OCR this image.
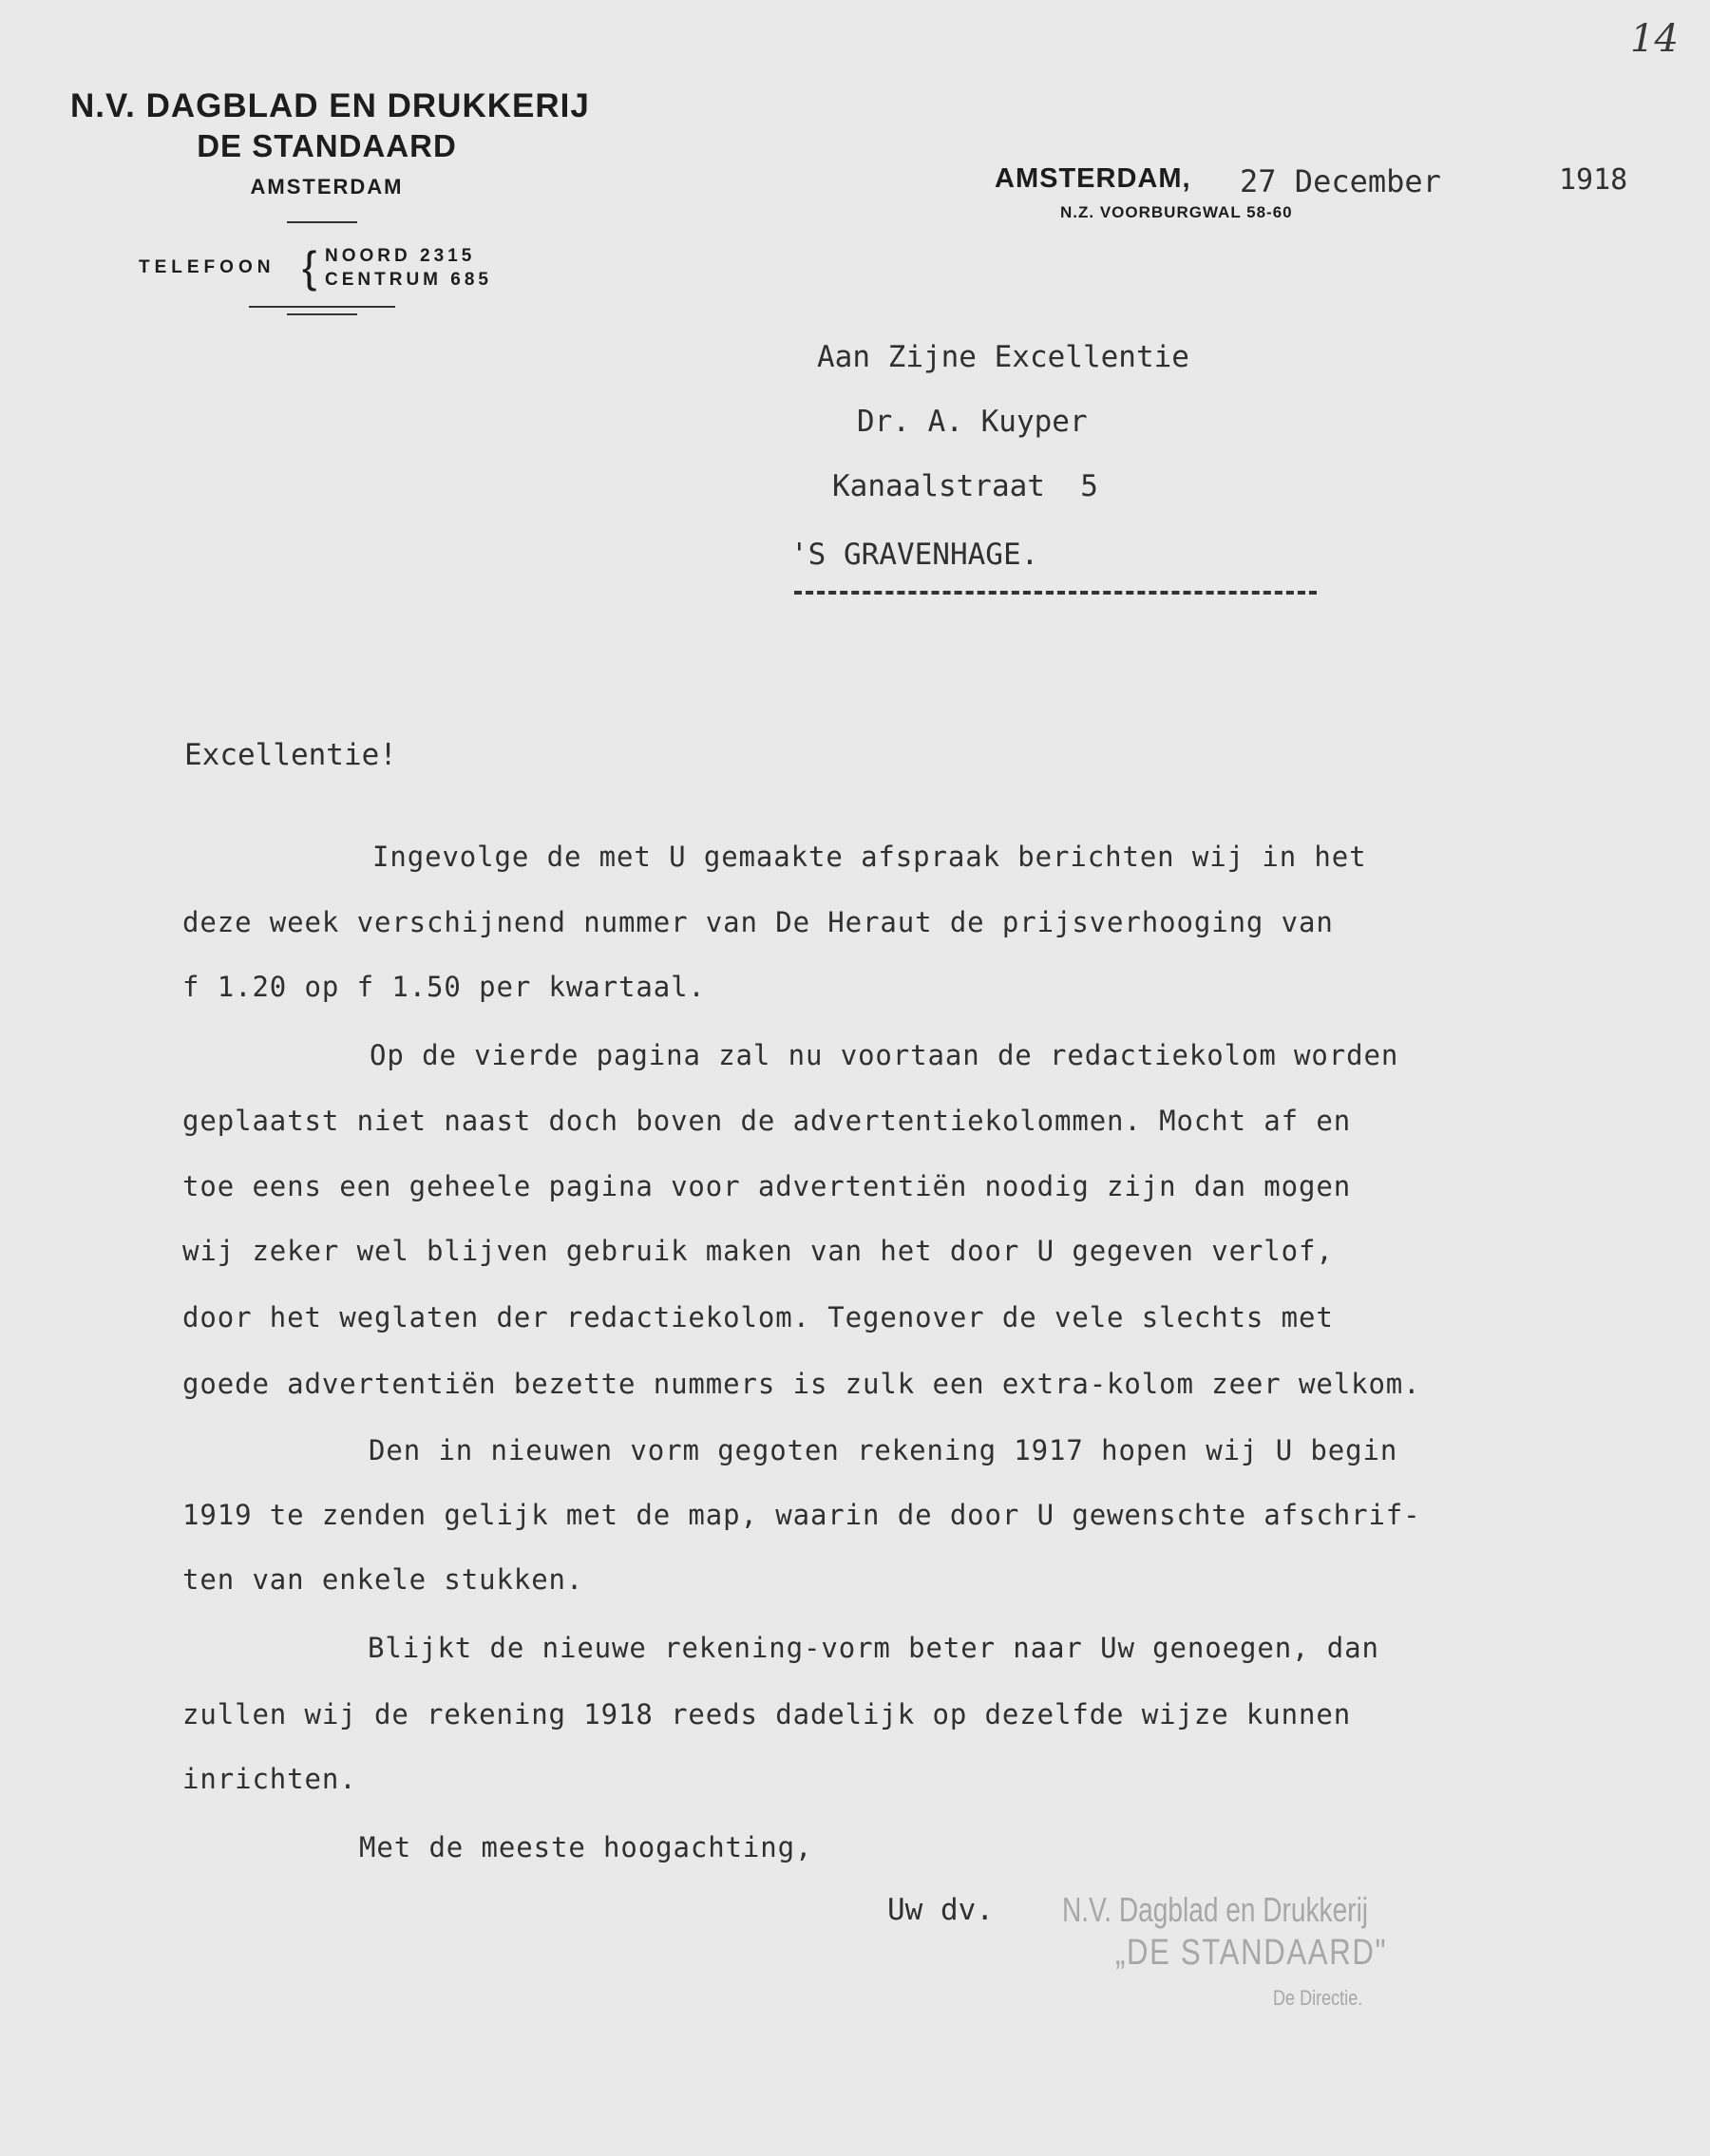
14
N.V. DAGBLAD EN DRUKKERIJ
DE STANDAARD
AMSTERDAM
TELEFOON { NOORD 2315
CENTRUM 685
AMSTERDAM, 27 December	1918
N.Z. VOORBURGWAL 58-60
Aan Zijne Excellentie
Dr. A. Kuyper
Kanaalstraat  5
'S GRAVENHAGE.
Excellentie!
Ingevolge de met U gemaakte afspraak berichten wij in het
deze week verschijnend nummer van De Heraut de prijsverhooging van
f 1.20 op f 1.50 per kwartaal.
Op de vierde pagina zal nu voortaan de redactiekolom worden
geplaatst niet naast doch boven de advertentiekolommen. Mocht af en
toe eens een geheele pagina voor advertentiën noodig zijn dan mogen
wij zeker wel blijven gebruik maken van het door U gegeven verlof,
door het weglaten der redactiekolom. Tegenover de vele slechts met
goede advertentiën bezette nummers is zulk een extra-kolom zeer welkom.
Den in nieuwen vorm gegoten rekening 1917 hopen wij U begin
1919 te zenden gelijk met de map, waarin de door U gewenschte afschrif-
ten van enkele stukken.
Blijkt de nieuwe rekening-vorm beter naar Uw genoegen, dan
zullen wij de rekening 1918 reeds dadelijk op dezelfde wijze kunnen
inrichten.
Met de meeste hoogachting,
Uw dv. N.V. Dagblad en Drukkerij
„DE STANDAARD"
De Directie.
